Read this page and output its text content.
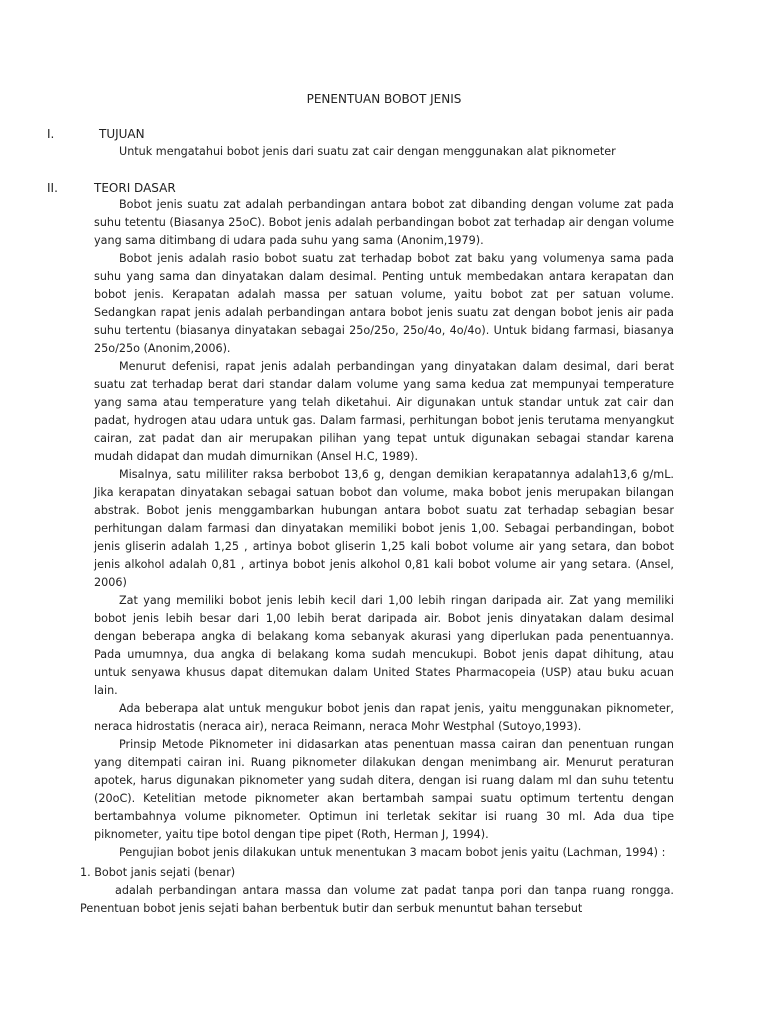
PENENTUAN BOBOT JENIS
I.	TUJUAN

Untuk mengatahui bobot jenis dari suatu zat cair dengan menggunakan alat piknometer

II.	TEORI DASAR

Bobot jenis suatu zat adalah perbandingan antara bobot zat dibanding dengan volume zat pada suhu tetentu (Biasanya 25oC). Bobot jenis adalah perbandingan bobot zat terhadap air dengan volume yang sama ditimbang di udara pada suhu yang sama (Anonim,1979).

Bobot jenis adalah rasio bobot suatu zat terhadap bobot zat baku yang volumenya sama pada suhu yang sama dan dinyatakan dalam desimal. Penting untuk membedakan antara kerapatan dan bobot jenis. Kerapatan adalah massa per satuan volume, yaitu bobot zat per satuan volume. Sedangkan rapat jenis adalah perbandingan antara bobot jenis suatu zat dengan bobot jenis air pada suhu tertentu (biasanya dinyatakan sebagai 25o/25o, 25o/4o, 4o/4o). Untuk bidang farmasi, biasanya 25o/25o (Anonim,2006).

Menurut defenisi, rapat jenis adalah perbandingan yang dinyatakan dalam desimal, dari berat suatu zat terhadap berat dari standar dalam volume yang sama kedua zat mempunyai temperature yang sama atau temperature yang telah diketahui. Air digunakan untuk standar untuk zat cair dan padat, hydrogen atau udara untuk gas. Dalam farmasi, perhitungan bobot jenis terutama menyangkut cairan, zat padat dan air merupakan pilihan yang tepat untuk digunakan sebagai standar karena mudah didapat dan mudah dimurnikan (Ansel H.C, 1989).

Misalnya, satu mililiter raksa berbobot 13,6 g, dengan demikian kerapatannya adalah13,6 g/mL. Jika kerapatan dinyatakan sebagai satuan bobot dan volume, maka bobot jenis merupakan bilangan abstrak. Bobot jenis menggambarkan hubungan antara bobot suatu zat terhadap sebagian besar perhitungan dalam farmasi dan dinyatakan memiliki bobot jenis 1,00. Sebagai perbandingan, bobot jenis gliserin adalah 1,25 , artinya bobot gliserin 1,25 kali bobot volume air yang setara, dan bobot jenis alkohol adalah 0,81 , artinya bobot jenis alkohol 0,81 kali bobot volume air yang setara. (Ansel, 2006)

Zat yang memiliki bobot jenis lebih kecil dari 1,00 lebih ringan daripada air. Zat yang memiliki bobot jenis lebih besar dari 1,00 lebih berat daripada air. Bobot jenis dinyatakan dalam desimal dengan beberapa angka di belakang koma sebanyak akurasi yang diperlukan pada penentuannya. Pada umumnya, dua angka di belakang koma sudah mencukupi. Bobot jenis dapat dihitung, atau untuk senyawa khusus dapat ditemukan dalam United States Pharmacopeia (USP) atau buku acuan lain.

Ada beberapa alat untuk mengukur bobot jenis dan rapat jenis, yaitu menggunakan piknometer, neraca hidrostatis (neraca air), neraca Reimann, neraca Mohr Westphal (Sutoyo,1993).

Prinsip Metode Piknometer ini didasarkan atas penentuan massa cairan dan penentuan rungan yang ditempati cairan ini. Ruang piknometer dilakukan dengan menimbang air. Menurut peraturan apotek, harus digunakan piknometer yang sudah ditera, dengan isi ruang dalam ml dan suhu tetentu (20oC). Ketelitian metode piknometer akan bertambah sampai suatu optimum tertentu dengan bertambahnya volume piknometer. Optimun ini terletak sekitar isi ruang 30 ml. Ada dua tipe piknometer, yaitu tipe botol dengan tipe pipet (Roth, Herman J, 1994).

Pengujian bobot jenis dilakukan untuk menentukan 3 macam bobot jenis yaitu (Lachman, 1994) :

1. Bobot janis sejati (benar)

adalah perbandingan antara massa dan volume zat padat tanpa pori dan tanpa ruang rongga. Penentuan bobot jenis sejati bahan berbentuk butir dan serbuk menuntut bahan tersebut
